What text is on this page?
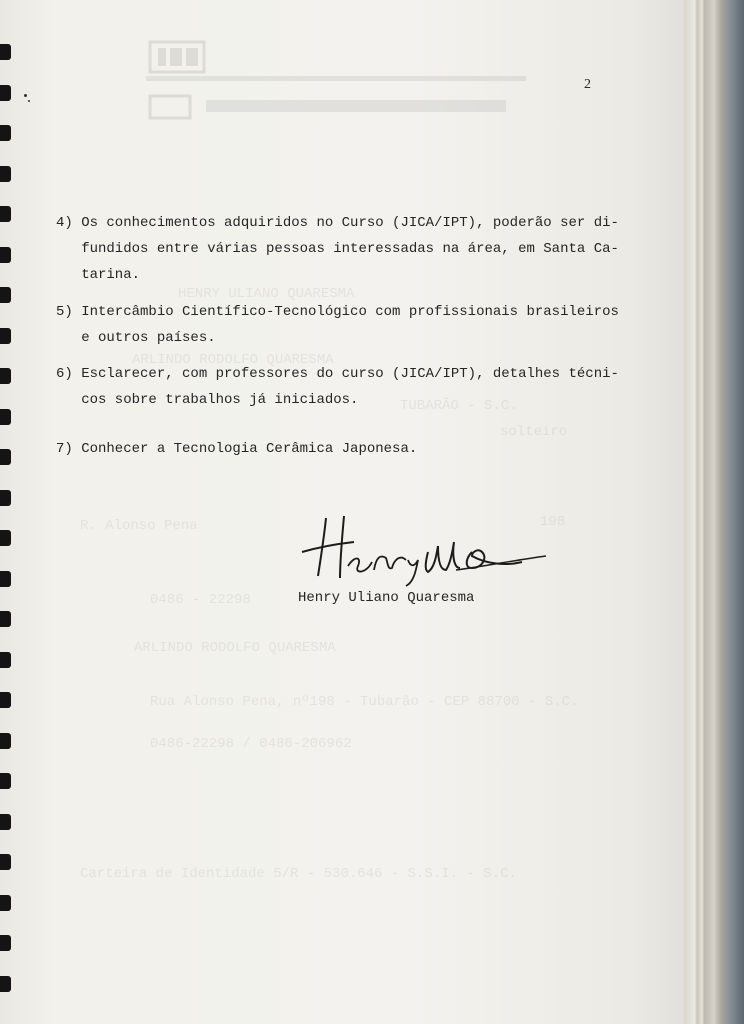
HENRY ULIANO QUARESMA
ARLINDO RODOLFO QUARESMA
TUBARÃO - S.C.
solteiro
R. Alonso Pena	198
0486 - 22298
ARLINDO RODOLFO QUARESMA
Rua Alonso Pena, nº198 - Tubarão - CEP 88700 - S.C.
0486-22298 / 0486-206962
Carteira de Identidade 5/R - 530.646 - S.S.I. - S.C.
2
4) Os conhecimentos adquiridos no Curso (JICA/IPT), poderão ser di-
fundidos entre várias pessoas interessadas na área, em Santa Ca-
tarina.
5) Intercâmbio Científico-Tecnológico com profissionais brasileiros
e outros países.
6) Esclarecer, com professores do curso (JICA/IPT), detalhes técni-
cos sobre trabalhos já iniciados.
7) Conhecer a Tecnologia Cerâmica Japonesa.
Henry Uliano Quaresma
